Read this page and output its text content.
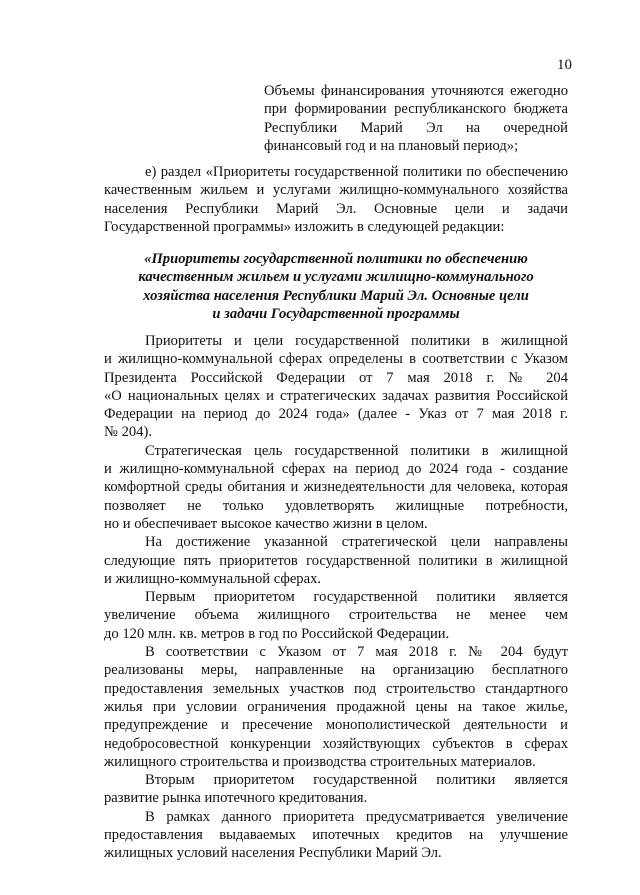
10
Объемы финансирования уточняются ежегодно
при формировании республиканского бюджета
Республики Марий Эл на очередной
финансовый год и на плановый период»;
е) раздел «Приоритеты государственной политики по обеспечению
качественным жильем и услугами жилищно-коммунального хозяйства
населения Республики Марий Эл. Основные цели и задачи
Государственной программы» изложить в следующей редакции:
«Приоритеты государственной политики по обеспечению
качественным жильем и услугами жилищно-коммунального
хозяйства населения Республики Марий Эл. Основные цели
и задачи Государственной программы
Приоритеты и цели государственной политики в жилищной
и жилищно-коммунальной сферах определены в соответствии с Указом
Президента Российской Федерации от 7 мая 2018 г. № 204
«О национальных целях и стратегических задачах развития Российской
Федерации на период до 2024 года» (далее - Указ от 7 мая 2018 г.
№ 204).
Стратегическая цель государственной политики в жилищной
и жилищно-коммунальной сферах на период до 2024 года - создание
комфортной среды обитания и жизнедеятельности для человека, которая
позволяет не только удовлетворять жилищные потребности,
но и обеспечивает высокое качество жизни в целом.
На достижение указанной стратегической цели направлены
следующие пять приоритетов государственной политики в жилищной
и жилищно-коммунальной сферах.
Первым приоритетом государственной политики является
увеличение объема жилищного строительства не менее чем
до 120 млн. кв. метров в год по Российской Федерации.
В соответствии с Указом от 7 мая 2018 г. № 204 будут
реализованы меры, направленные на организацию бесплатного
предоставления земельных участков под строительство стандартного
жилья при условии ограничения продажной цены на такое жилье,
предупреждение и пресечение монополистической деятельности и
недобросовестной конкуренции хозяйствующих субъектов в сферах
жилищного строительства и производства строительных материалов.
Вторым приоритетом государственной политики является
развитие рынка ипотечного кредитования.
В рамках данного приоритета предусматривается увеличение
предоставления выдаваемых ипотечных кредитов на улучшение
жилищных условий населения Республики Марий Эл.
